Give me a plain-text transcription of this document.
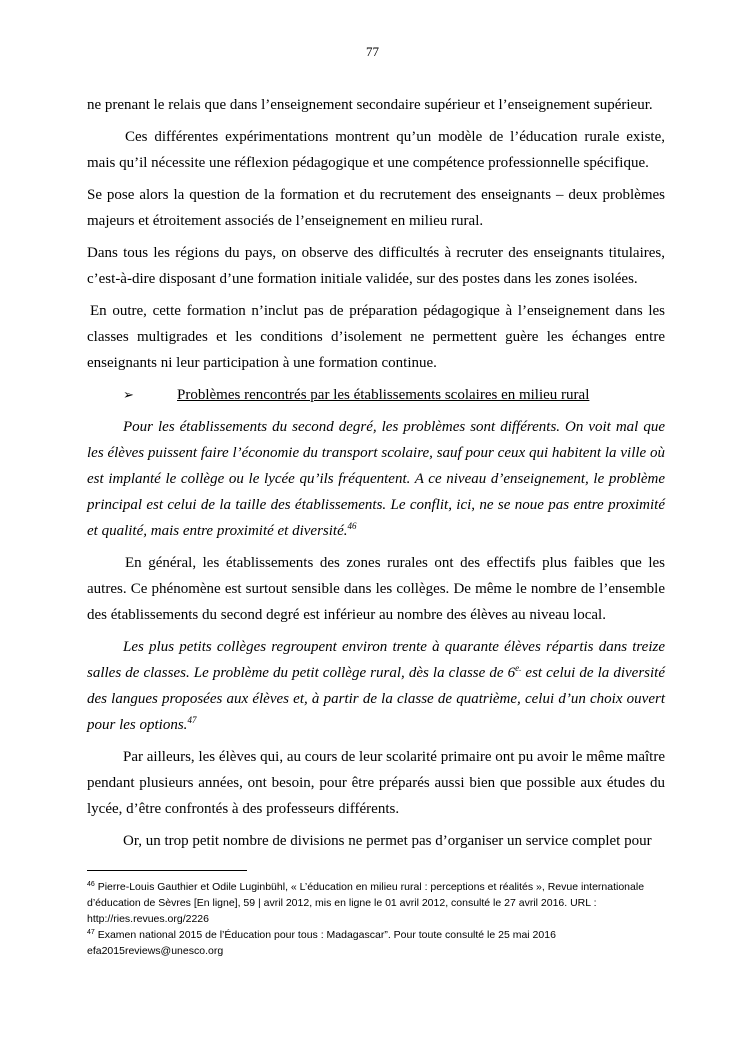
77

ne prenant le relais que dans l’enseignement secondaire supérieur et l’enseignement supérieur.

Ces différentes expérimentations montrent qu’un modèle de l’éducation rurale existe, mais qu’il nécessite une réflexion pédagogique et une compétence professionnelle spécifique.

Se pose alors la question de la formation et du recrutement des enseignants – deux problèmes majeurs et étroitement associés de l’enseignement en milieu rural.

Dans tous les régions du pays, on observe des difficultés à recruter des enseignants titulaires, c’est-à-dire disposant d’une formation initiale validée, sur des postes dans les zones isolées.

En outre, cette formation n’inclut pas de préparation pédagogique à l’enseignement dans les classes multigrades et les conditions d’isolement ne permettent guère les échanges entre enseignants ni leur participation à une formation continue.

➢	Problèmes rencontrés par les établissements scolaires en milieu rural

Pour les établissements du second degré, les problèmes sont différents. On voit mal que les élèves puissent faire l’économie du transport scolaire, sauf pour ceux qui habitent la ville où est implanté le collège ou le lycée qu’ils fréquentent. A ce niveau d’enseignement, le problème principal est celui de la taille des établissements. Le conflit, ici, ne se noue pas entre proximité et qualité, mais entre proximité et diversité.$^{46}$

En général, les établissements des zones rurales ont des effectifs plus faibles que les autres. Ce phénomène est surtout sensible dans les collèges. De même le nombre de l’ensemble des établissements du second degré est inférieur au nombre des élèves au niveau local.

Les plus petits collèges regroupent environ trente à quarante élèves répartis dans treize salles de classes. Le problème du petit collège rural, dès la classe de $6^{e.}$ est celui de la diversité des langues proposées aux élèves et, à partir de la classe de quatrième, celui d’un choix ouvert pour les options.$^{47}$

Par ailleurs, les élèves qui, au cours de leur scolarité primaire ont pu avoir le même maître pendant plusieurs années, ont besoin, pour être préparés aussi bien que possible aux études du lycée, d’être confrontés à des professeurs différents.

Or, un trop petit nombre de divisions ne permet pas d’organiser un service complet pour

$^{46}$ Pierre-Louis Gauthier et Odile Luginbühl, « L’éducation en milieu rural : perceptions et réalités », Revue internationale d’éducation de Sèvres [En ligne], 59 | avril 2012, mis en ligne le 01 avril 2012, consulté le 27 avril 2016. URL : http://ries.revues.org/2226

$^{47}$ Examen national 2015 de l’Éducation pour tous : Madagascar”. Pour toute consulté le 25 mai 2016 efa2015reviews@unesco.org
